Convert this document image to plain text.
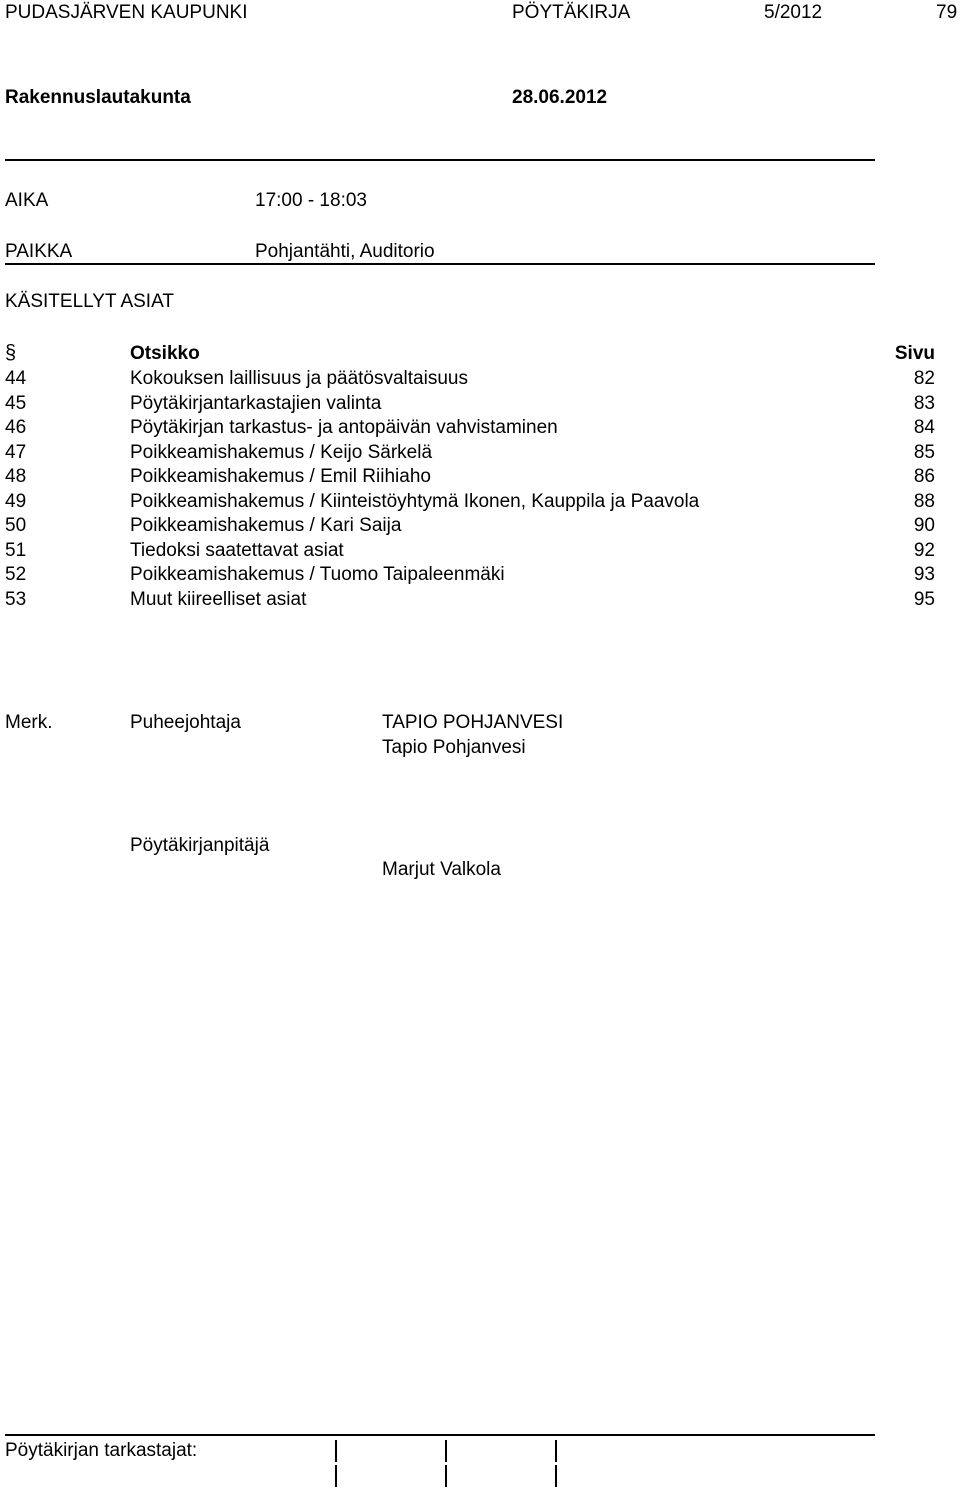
PUDASJÄRVEN KAUPUNKI	PÖYTÄKIRJA	5/2012	79
Rakennuslautakunta	28.06.2012
AIKA	17:00 - 18:03
PAIKKA	Pohjantähti, Auditorio
KÄSITELLYT ASIAT
§	Otsikko	Sivu
44	Kokouksen laillisuus ja päätösvaltaisuus	82
45	Pöytäkirjantarkastajien valinta	83
46	Pöytäkirjan tarkastus- ja antopäivän vahvistaminen	84
47	Poikkeamishakemus / Keijo Särkelä	85
48	Poikkeamishakemus / Emil Riihiaho	86
49	Poikkeamishakemus / Kiinteistöyhtymä Ikonen, Kauppila ja Paavola	88
50	Poikkeamishakemus / Kari Saija	90
51	Tiedoksi saatettavat asiat	92
52	Poikkeamishakemus / Tuomo Taipaleenmäki	93
53	Muut kiireelliset asiat	95
Merk.	Puheejohtaja	TAPIO POHJANVESI
Tapio Pohjanvesi
Pöytäkirjanpitäjä
Marjut Valkola
Pöytäkirjan tarkastajat:
